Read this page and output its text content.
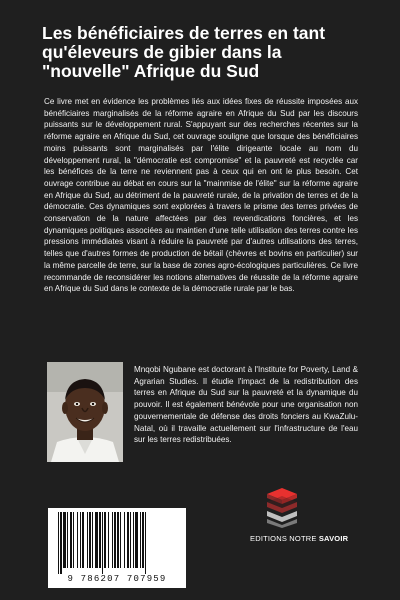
Les bénéficiaires de terres en tant qu'éleveurs de gibier dans la "nouvelle" Afrique du Sud
Ce livre met en évidence les problèmes liés aux idées fixes de réussite imposées aux bénéficiaires marginalisés de la réforme agraire en Afrique du Sud par les discours puissants sur le développement rural. S'appuyant sur des recherches récentes sur la réforme agraire en Afrique du Sud, cet ouvrage souligne que lorsque des bénéficiaires moins puissants sont marginalisés par l'élite dirigeante locale au nom du développement rural, la "démocratie est compromise" et la pauvreté est recyclée car les bénéfices de la terre ne reviennent pas à ceux qui en ont le plus besoin. Cet ouvrage contribue au débat en cours sur la "mainmise de l'élite" sur la réforme agraire en Afrique du Sud, au détriment de la pauvreté rurale, de la privation de terres et de la démocratie. Ces dynamiques sont explorées à travers le prisme des terres privées de conservation de la nature affectées par des revendications foncières, et les dynamiques politiques associées au maintien d'une telle utilisation des terres contre les pressions immédiates visant à réduire la pauvreté par d'autres utilisations des terres, telles que d'autres formes de production de bétail (chèvres et bovins en particulier) sur la même parcelle de terre, sur la base de zones agro-écologiques particulières. Ce livre recommande de reconsidérer les notions alternatives de réussite de la réforme agraire en Afrique du Sud dans le contexte de la démocratie rurale par le bas.
Mnqobi Ngubane est doctorant à l'Institute for Poverty, Land & Agrarian Studies. Il étudie l'impact de la redistribution des terres en Afrique du Sud sur la pauvreté et la dynamique du pouvoir. Il est également bénévole pour une organisation non gouvernementale de défense des droits fonciers au KwaZulu-Natal, où il travaille actuellement sur l'infrastructure de l'eau sur les terres redistribuées.
EDITIONS NOTRE SAVOIR
9 786207 707959
